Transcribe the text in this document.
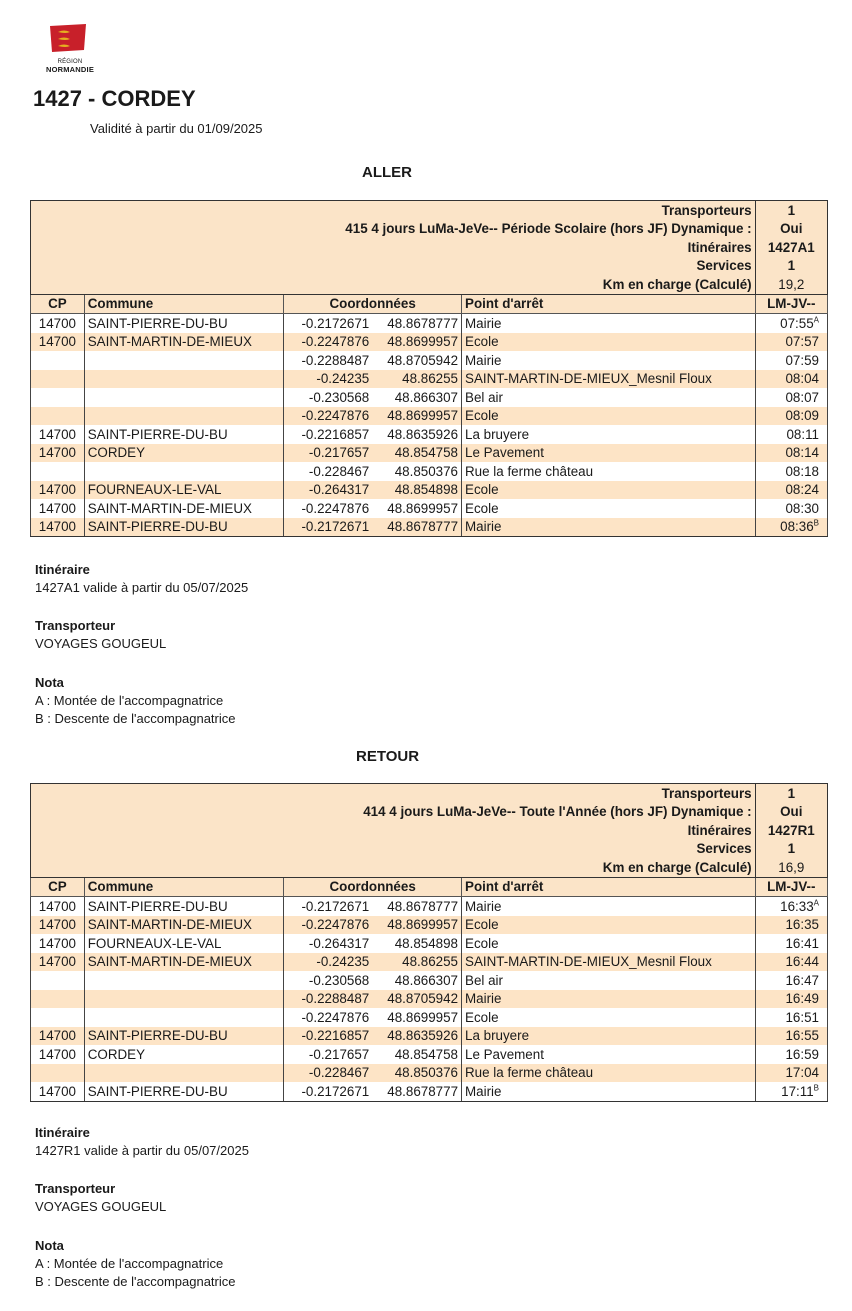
RÉGION
NORMANDIE
1427 - CORDEY
Validité à partir du 01/09/2025
ALLER
Transporteurs				1
415 4 jours LuMa-JeVe-- Période Scolaire (hors JF) Dynamique :				Oui
Itinéraires				1427A1
Services				1
Km en charge (Calculé)				19,2
CP	Commune	Coordonnées	Point d'arrêt	LM-JV--
14700	SAINT-PIERRE-DU-BU	-0.2172671 48.8678777	Mairie	$07:55^A$
14700	SAINT-MARTIN-DE-MIEUX	-0.2247876 48.8699957	Ecole	07:57

		-0.2288487 48.8705942	Mairie	07:59

		-0.24235 48.86255	SAINT-MARTIN-DE-MIEUX_Mesnil Floux	08:04

		-0.230568 48.866307	Bel air	08:07

		-0.2247876 48.8699957	Ecole	08:09
14700	SAINT-PIERRE-DU-BU	-0.2216857 48.8635926	La bruyere	08:11
14700	CORDEY	-0.217657 48.854758	Le Pavement	08:14

		-0.228467 48.850376	Rue la ferme château	08:18
14700	FOURNEAUX-LE-VAL	-0.264317 48.854898	Ecole	08:24
14700	SAINT-MARTIN-DE-MIEUX	-0.2247876 48.8699957	Ecole	08:30
14700	SAINT-PIERRE-DU-BU	-0.2172671 48.8678777	Mairie	$08:36^B$
Itinéraire
1427A1 valide à partir du 05/07/2025
Transporteur
VOYAGES GOUGEUL
Nota
A : Montée de l'accompagnatrice
B : Descente de l'accompagnatrice
RETOUR
Transporteurs				1
414 4 jours LuMa-JeVe-- Toute l'Année (hors JF) Dynamique :				Oui
Itinéraires				1427R1
Services				1
Km en charge (Calculé)				16,9
CP	Commune	Coordonnées	Point d'arrêt	LM-JV--
14700	SAINT-PIERRE-DU-BU	-0.2172671 48.8678777	Mairie	$16:33^A$
14700	SAINT-MARTIN-DE-MIEUX	-0.2247876 48.8699957	Ecole	16:35
14700	FOURNEAUX-LE-VAL	-0.264317 48.854898	Ecole	16:41
14700	SAINT-MARTIN-DE-MIEUX	-0.24235 48.86255	SAINT-MARTIN-DE-MIEUX_Mesnil Floux	16:44

		-0.230568 48.866307	Bel air	16:47

		-0.2288487 48.8705942	Mairie	16:49

		-0.2247876 48.8699957	Ecole	16:51
14700	SAINT-PIERRE-DU-BU	-0.2216857 48.8635926	La bruyere	16:55
14700	CORDEY	-0.217657 48.854758	Le Pavement	16:59

		-0.228467 48.850376	Rue la ferme château	17:04
14700	SAINT-PIERRE-DU-BU	-0.2172671 48.8678777	Mairie	$17:11^B$
Itinéraire
1427R1 valide à partir du 05/07/2025
Transporteur
VOYAGES GOUGEUL
Nota
A : Montée de l'accompagnatrice
B : Descente de l'accompagnatrice
